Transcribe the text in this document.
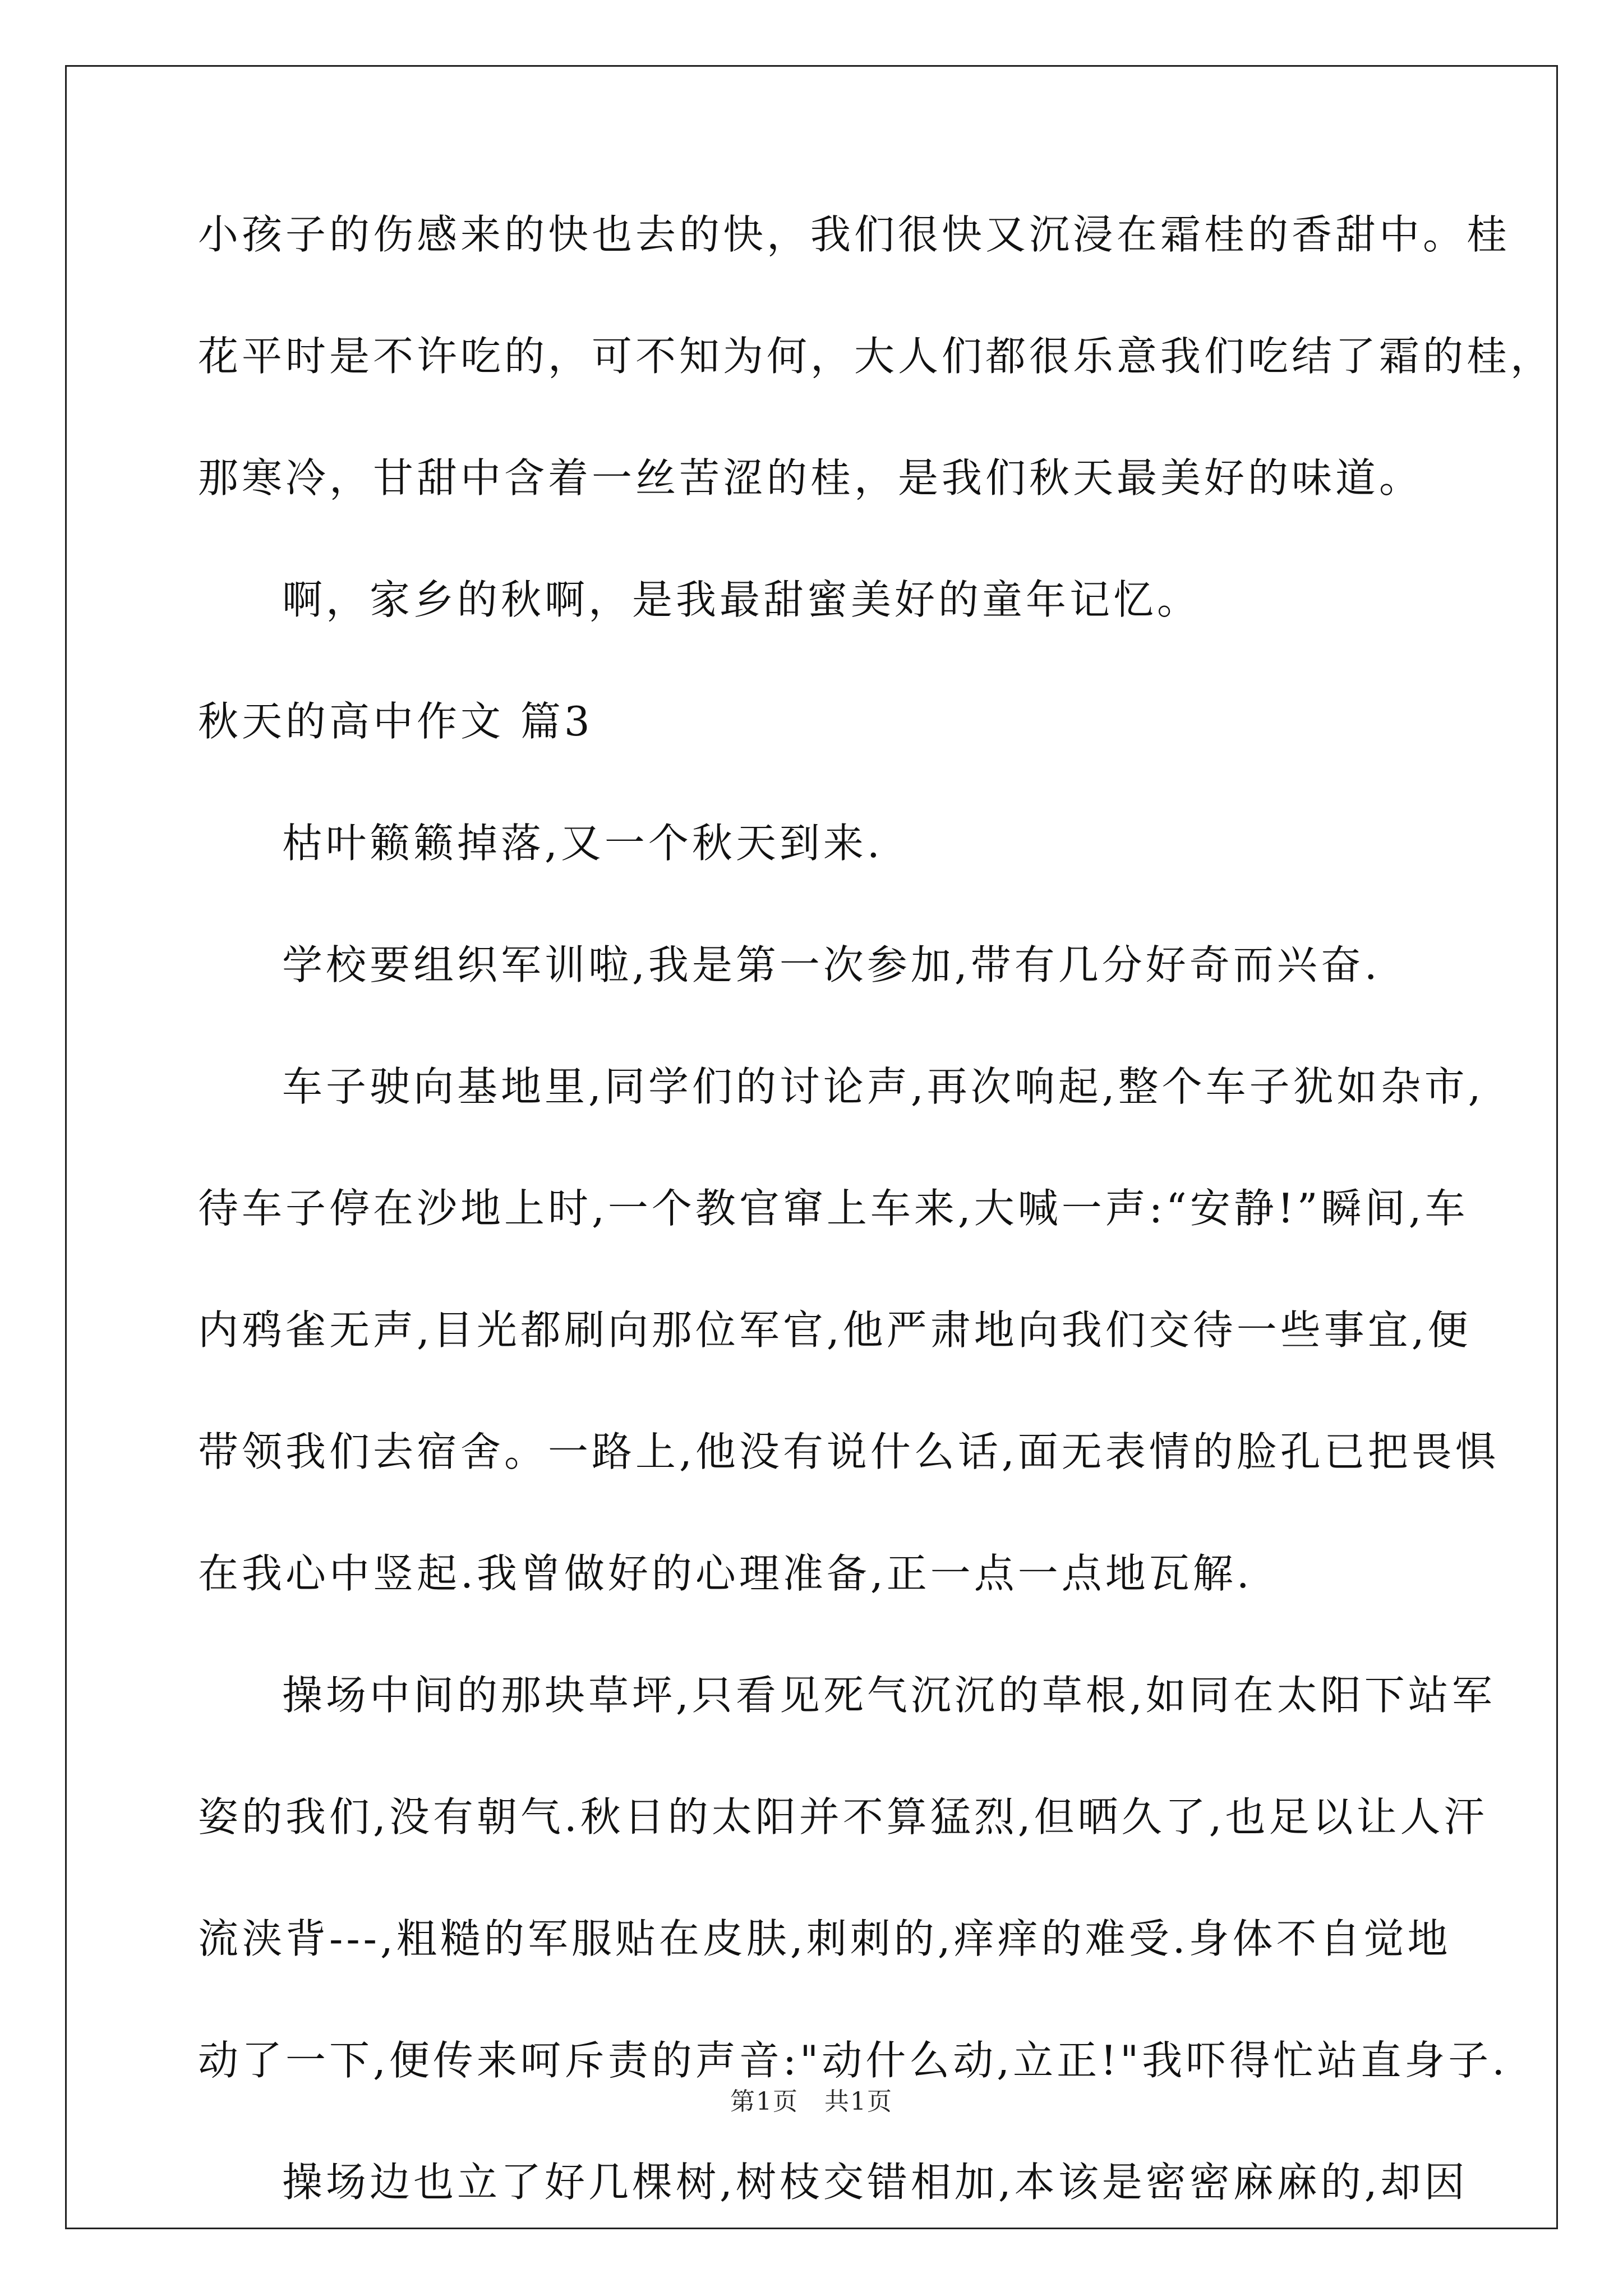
小孩子的伤感来的快也去的快，我们很快又沉浸在霜桂的香甜中。桂
花平时是不许吃的，可不知为何，大人们都很乐意我们吃结了霜的桂，
那寒冷，甘甜中含着一丝苦涩的桂，是我们秋天最美好的味道。
啊，家乡的秋啊，是我最甜蜜美好的童年记忆。
秋天的高中作文 篇3
枯叶籁籁掉落,又一个秋天到来.
学校要组织军训啦,我是第一次参加,带有几分好奇而兴奋.
车子驶向基地里,同学们的讨论声,再次响起,整个车子犹如杂市,
待车子停在沙地上时,一个教官窜上车来,大喊一声:“安静!”瞬间,车
内鸦雀无声,目光都刷向那位军官,他严肃地向我们交待一些事宜,便
带领我们去宿舍。一路上,他没有说什么话,面无表情的脸孔已把畏惧
在我心中竖起.我曾做好的心理准备,正一点一点地瓦解.
操场中间的那块草坪,只看见死气沉沉的草根,如同在太阳下站军
姿的我们,没有朝气.秋日的太阳并不算猛烈,但晒久了,也足以让人汗
流浃背---,粗糙的军服贴在皮肤,刺刺的,痒痒的难受.身体不自觉地
动了一下,便传来呵斥责的声音:"动什么动,立正!"我吓得忙站直身子.
操场边也立了好几棵树,树枝交错相加,本该是密密麻麻的,却因
第1页　共1页
